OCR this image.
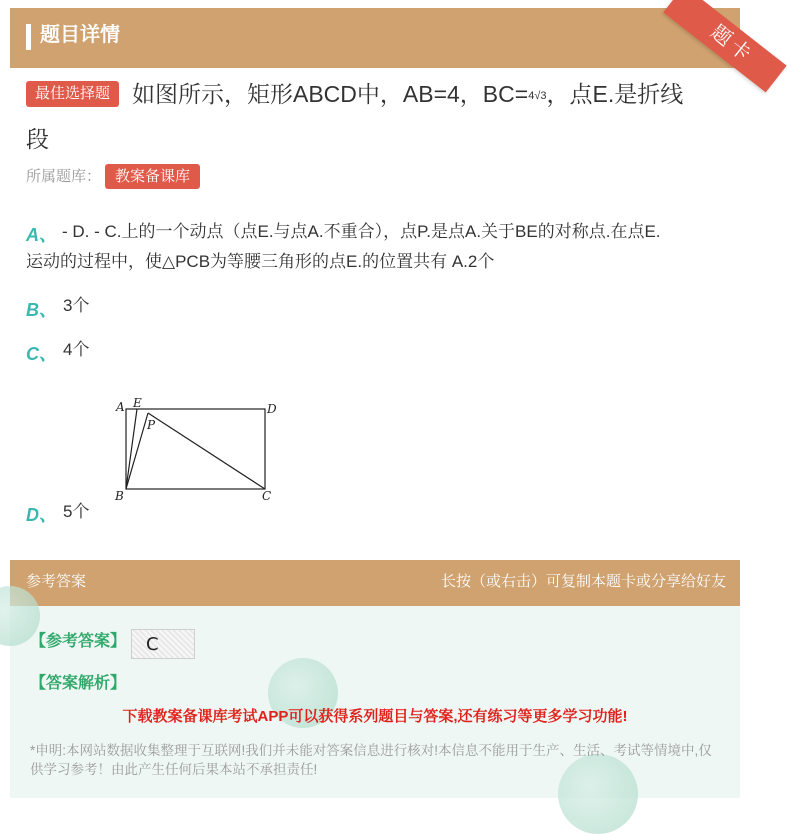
题目详情	题卡
最佳选择题 如图所示，矩形ABCD中，AB=4，BC=4√3，点E.是折线
段
所属题库： 教案备课库
A、 - D. - C.上的一个动点（点E.与点A.不重合），点P.是点A.关于BE的对称点.在点E.
运动的过程中，使△PCB为等腰三角形的点E.的位置共有 A.2个
B、 3个
C、 4个
A E	D
P
B	C
D、 5个
参考答案	长按（或右击）可复制本题卡或分享给好友
【参考答案】 C
【答案解析】
下载教案备课库考试APP可以获得系列题目与答案,还有练习等更多学习功能!
*申明:本网站数据收集整理于互联网!我们并未能对答案信息进行核对!本信息不能用于生产、生活、考试等情境中,仅供学习参考！由此产生任何后果本站不承担责任!
